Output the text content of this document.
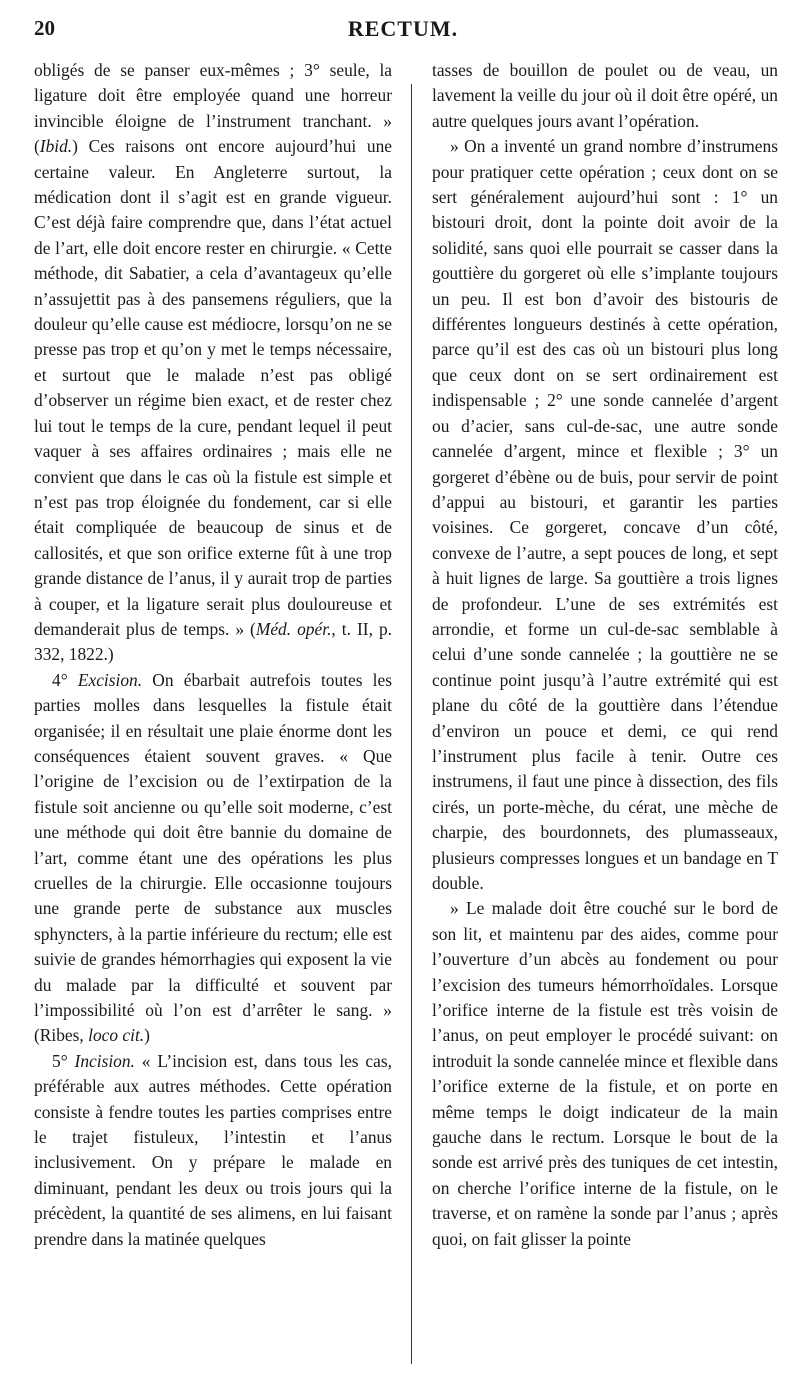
20	RECTUM.

obligés de se panser eux-mêmes ; 3° seule, la ligature doit être employée quand une horreur invincible éloigne de l’instrument tranchant. » (Ibid.) Ces raisons ont encore aujourd’hui une certaine valeur. En Angleterre surtout, la médication dont il s’agit est en grande vigueur. C’est déjà faire comprendre que, dans l’état actuel de l’art, elle doit encore rester en chirurgie. « Cette méthode, dit Sabatier, a cela d’avantageux qu’elle n’assujettit pas à des pansemens réguliers, que la douleur qu’elle cause est médiocre, lorsqu’on ne se presse pas trop et qu’on y met le temps nécessaire, et surtout que le malade n’est pas obligé d’observer un régime bien exact, et de rester chez lui tout le temps de la cure, pendant lequel il peut vaquer à ses affaires ordinaires ; mais elle ne convient que dans le cas où la fistule est simple et n’est pas trop éloignée du fondement, car si elle était compliquée de beaucoup de sinus et de callosités, et que son orifice externe fût à une trop grande distance de l’anus, il y aurait trop de parties à couper, et la ligature serait plus douloureuse et demanderait plus de temps. » (Méd. opér., t. II, p. 332, 1822.)

4° Excision. On ébarbait autrefois toutes les parties molles dans lesquelles la fistule était organisée; il en résultait une plaie énorme dont les conséquences étaient souvent graves. « Que l’origine de l’excision ou de l’extirpation de la fistule soit ancienne ou qu’elle soit moderne, c’est une méthode qui doit être bannie du domaine de l’art, comme étant une des opérations les plus cruelles de la chirurgie. Elle occasionne toujours une grande perte de substance aux muscles sphyncters, à la partie inférieure du rectum; elle est suivie de grandes hémorrhagies qui exposent la vie du malade par la difficulté et souvent par l’impossibilité où l’on est d’arrêter le sang. » (Ribes, loco cit.)

5° Incision. « L’incision est, dans tous les cas, préférable aux autres méthodes. Cette opération consiste à fendre toutes les parties comprises entre le trajet fistuleux, l’intestin et l’anus inclusivement. On y prépare le malade en diminuant, pendant les deux ou trois jours qui la précèdent, la quantité de ses alimens, en lui faisant prendre dans la matinée quelques

tasses de bouillon de poulet ou de veau, un lavement la veille du jour où il doit être opéré, un autre quelques jours avant l’opération.

» On a inventé un grand nombre d’instrumens pour pratiquer cette opération ; ceux dont on se sert généralement aujourd’hui sont : 1° un bistouri droit, dont la pointe doit avoir de la solidité, sans quoi elle pourrait se casser dans la gouttière du gorgeret où elle s’implante toujours un peu. Il est bon d’avoir des bistouris de différentes longueurs destinés à cette opération, parce qu’il est des cas où un bistouri plus long que ceux dont on se sert ordinairement est indispensable ; 2° une sonde cannelée d’argent ou d’acier, sans cul-de-sac, une autre sonde cannelée d’argent, mince et flexible ; 3° un gorgeret d’ébène ou de buis, pour servir de point d’appui au bistouri, et garantir les parties voisines. Ce gorgeret, concave d’un côté, convexe de l’autre, a sept pouces de long, et sept à huit lignes de large. Sa gouttière a trois lignes de profondeur. L’une de ses extrémités est arrondie, et forme un cul-de-sac semblable à celui d’une sonde cannelée ; la gouttière ne se continue point jusqu’à l’autre extrémité qui est plane du côté de la gouttière dans l’étendue d’environ un pouce et demi, ce qui rend l’instrument plus facile à tenir. Outre ces instrumens, il faut une pince à dissection, des fils cirés, un porte-mèche, du cérat, une mèche de charpie, des bourdonnets, des plumasseaux, plusieurs compresses longues et un bandage en T double.

» Le malade doit être couché sur le bord de son lit, et maintenu par des aides, comme pour l’ouverture d’un abcès au fondement ou pour l’excision des tumeurs hémorrhoïdales. Lorsque l’orifice interne de la fistule est très voisin de l’anus, on peut employer le procédé suivant: on introduit la sonde cannelée mince et flexible dans l’orifice externe de la fistule, et on porte en même temps le doigt indicateur de la main gauche dans le rectum. Lorsque le bout de la sonde est arrivé près des tuniques de cet intestin, on cherche l’orifice interne de la fistule, on le traverse, et on ramène la sonde par l’anus ; après quoi, on fait glisser la pointe
